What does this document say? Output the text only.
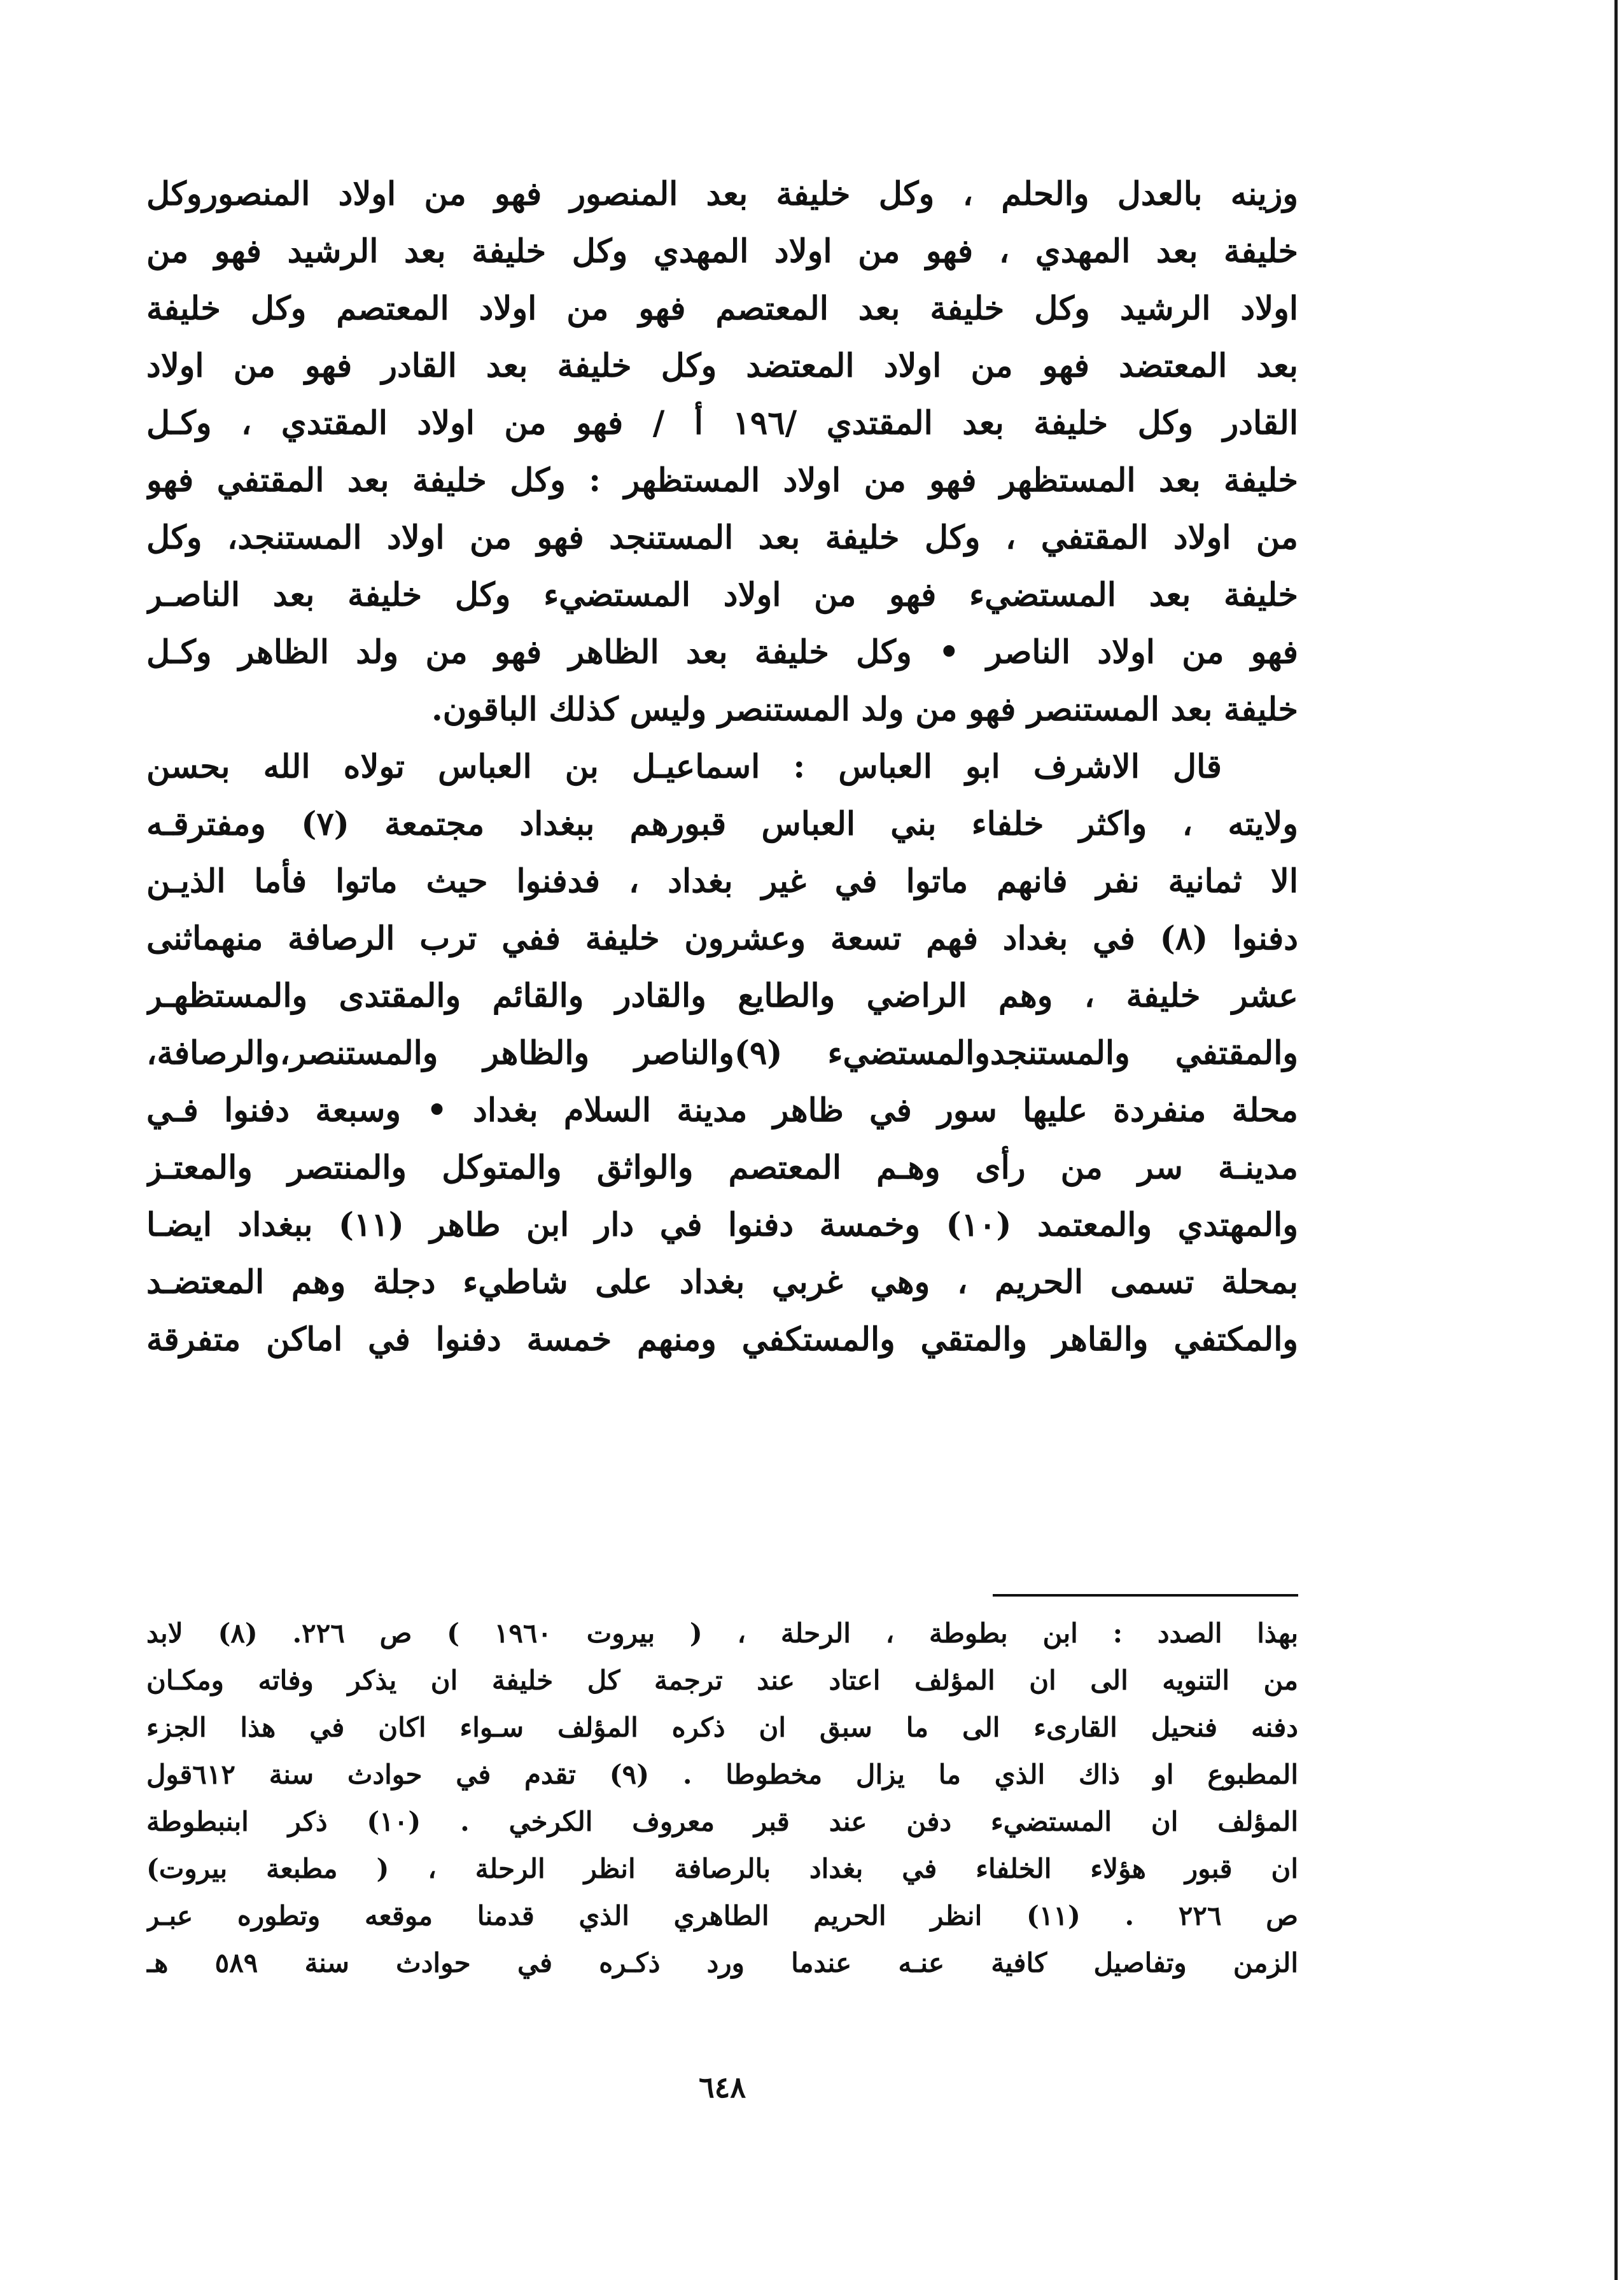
وزينه بالعدل والحلم ، وكل خليفة بعد المنصور فهو من اولاد المنصوروكل
خليفة بعد المهدي ، فهو من اولاد المهدي وكل خليفة بعد الرشيد فهو من
اولاد الرشيد وكل خليفة بعد المعتصم فهو من اولاد المعتصم وكل خليفة
بعد المعتضد فهو من اولاد المعتضد وكل خليفة بعد القادر فهو من اولاد
القادر وكل خليفة بعد المقتدي /١٩٦ أ / فهو من اولاد المقتدي ، وكـل
خليفة بعد المستظهر فهو من اولاد المستظهر : وكل خليفة بعد المقتفي فهو
من اولاد المقتفي ، وكل خليفة بعد المستنجد فهو من اولاد المستنجد، وكل
خليفة بعد المستضيء فهو من اولاد المستضيء وكل خليفة بعد الناصـر
فهو من اولاد الناصر • وكل خليفة بعد الظاهر فهو من ولد الظاهر وكـل
خليفة بعد المستنصر فهو من ولد المستنصر وليس كذلك الباقون.
قال الاشرف ابو العباس : اسماعيـل بن العباس تولاه الله بحسن
ولايته ، واكثر خلفاء بني العباس قبورهم ببغداد مجتمعة (٧) ومفترقـه
الا ثمانية نفر فانهم ماتوا في غير بغداد ، فدفنوا حيث ماتوا فأما الذيـن
دفنوا (٨) في بغداد فهم تسعة وعشرون خليفة ففي ترب الرصافة منهماثنى
عشر خليفة ، وهم الراضي والطايع والقادر والقائم والمقتدى والمستظهـر
والمقتفي والمستنجدوالمستضيء (٩)والناصر والظاهر والمستنصر،والرصافة،
محلة منفردة عليها سور في ظاهر مدينة السلام بغداد • وسبعة دفنوا فـي
مدينـة سر من رأى وهـم المعتصم والواثق والمتوكل والمنتصر والمعتـز
والمهتدي والمعتمد (١٠) وخمسة دفنوا في دار ابن طاهر (١١) ببغداد ايضـا
بمحلة تسمى الحريم ، وهي غربي بغداد على شاطيء دجلة وهم المعتضـد
والمكتفي والقاهر والمتقي والمستكفي ومنهم خمسة دفنوا في اماكن متفرقة
بهذا الصدد : ابن بطوطة ، الرحلة ، ( بيروت ١٩٦٠ ) ص ٢٢٦. (٨) لابد
من التنويه الى ان المؤلف اعتاد عند ترجمة كل خليفة ان يذكر وفاته ومكـان
دفنه فنحيل القارىء الى ما سبق ان ذكره المؤلف سـواء اكان في هذا الجزء
المطبوع او ذاك الذي ما يزال مخطوطا . (٩) تقدم في حوادث سنة ٦١٢قول
المؤلف ان المستضيء دفن عند قبر معروف الكرخي . (١٠) ذكر ابنبطوطة
ان قبور هؤلاء الخلفاء في بغداد بالرصافة انظر الرحلة ، ( مطبعة بيروت)
ص ٢٢٦ . (١١) انظر الحريم الطاهري الذي قدمنا موقعه وتطوره عبـر
الزمن وتفاصيل كافية عنـه عندما ورد ذكـره في حوادث سنة ٥٨٩ هـ
٦٤٨
